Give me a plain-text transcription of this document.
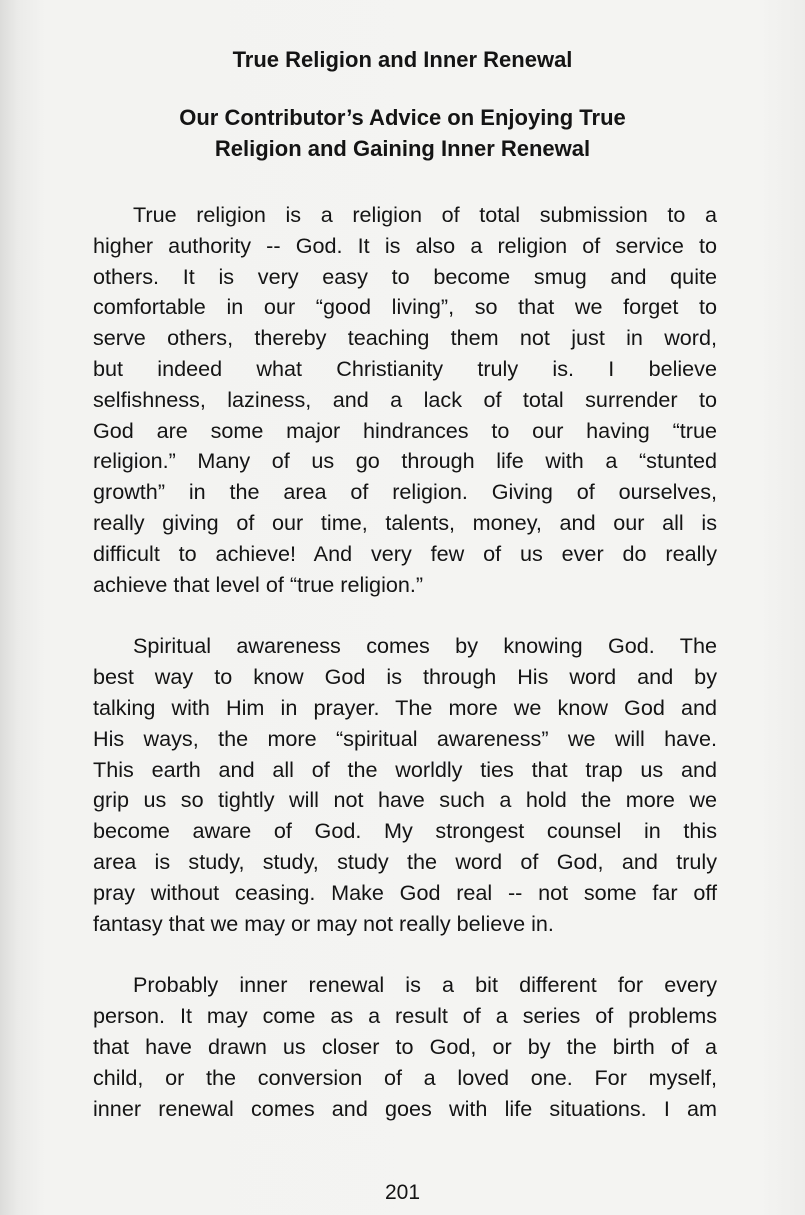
True Religion and Inner Renewal
Our Contributor’s Advice on Enjoying True
Religion and Gaining Inner Renewal

True religion is a religion of total submission to a
higher authority -- God. It is also a religion of service to
others. It is very easy to become smug and quite
comfortable in our “good living”, so that we forget to
serve others, thereby teaching them not just in word,
but indeed what Christianity truly is. I believe
selfishness, laziness, and a lack of total surrender to
God are some major hindrances to our having “true
religion.” Many of us go through life with a “stunted
growth” in the area of religion. Giving of ourselves,
really giving of our time, talents, money, and our all is
difficult to achieve! And very few of us ever do really
achieve that level of “true religion.”

Spiritual awareness comes by knowing God. The
best way to know God is through His word and by
talking with Him in prayer. The more we know God and
His ways, the more “spiritual awareness” we will have.
This earth and all of the worldly ties that trap us and
grip us so tightly will not have such a hold the more we
become aware of God. My strongest counsel in this
area is study, study, study the word of God, and truly
pray without ceasing. Make God real -- not some far off
fantasy that we may or may not really believe in.

Probably inner renewal is a bit different for every
person. It may come as a result of a series of problems
that have drawn us closer to God, or by the birth of a
child, or the conversion of a loved one. For myself,
inner renewal comes and goes with life situations. I am

201
